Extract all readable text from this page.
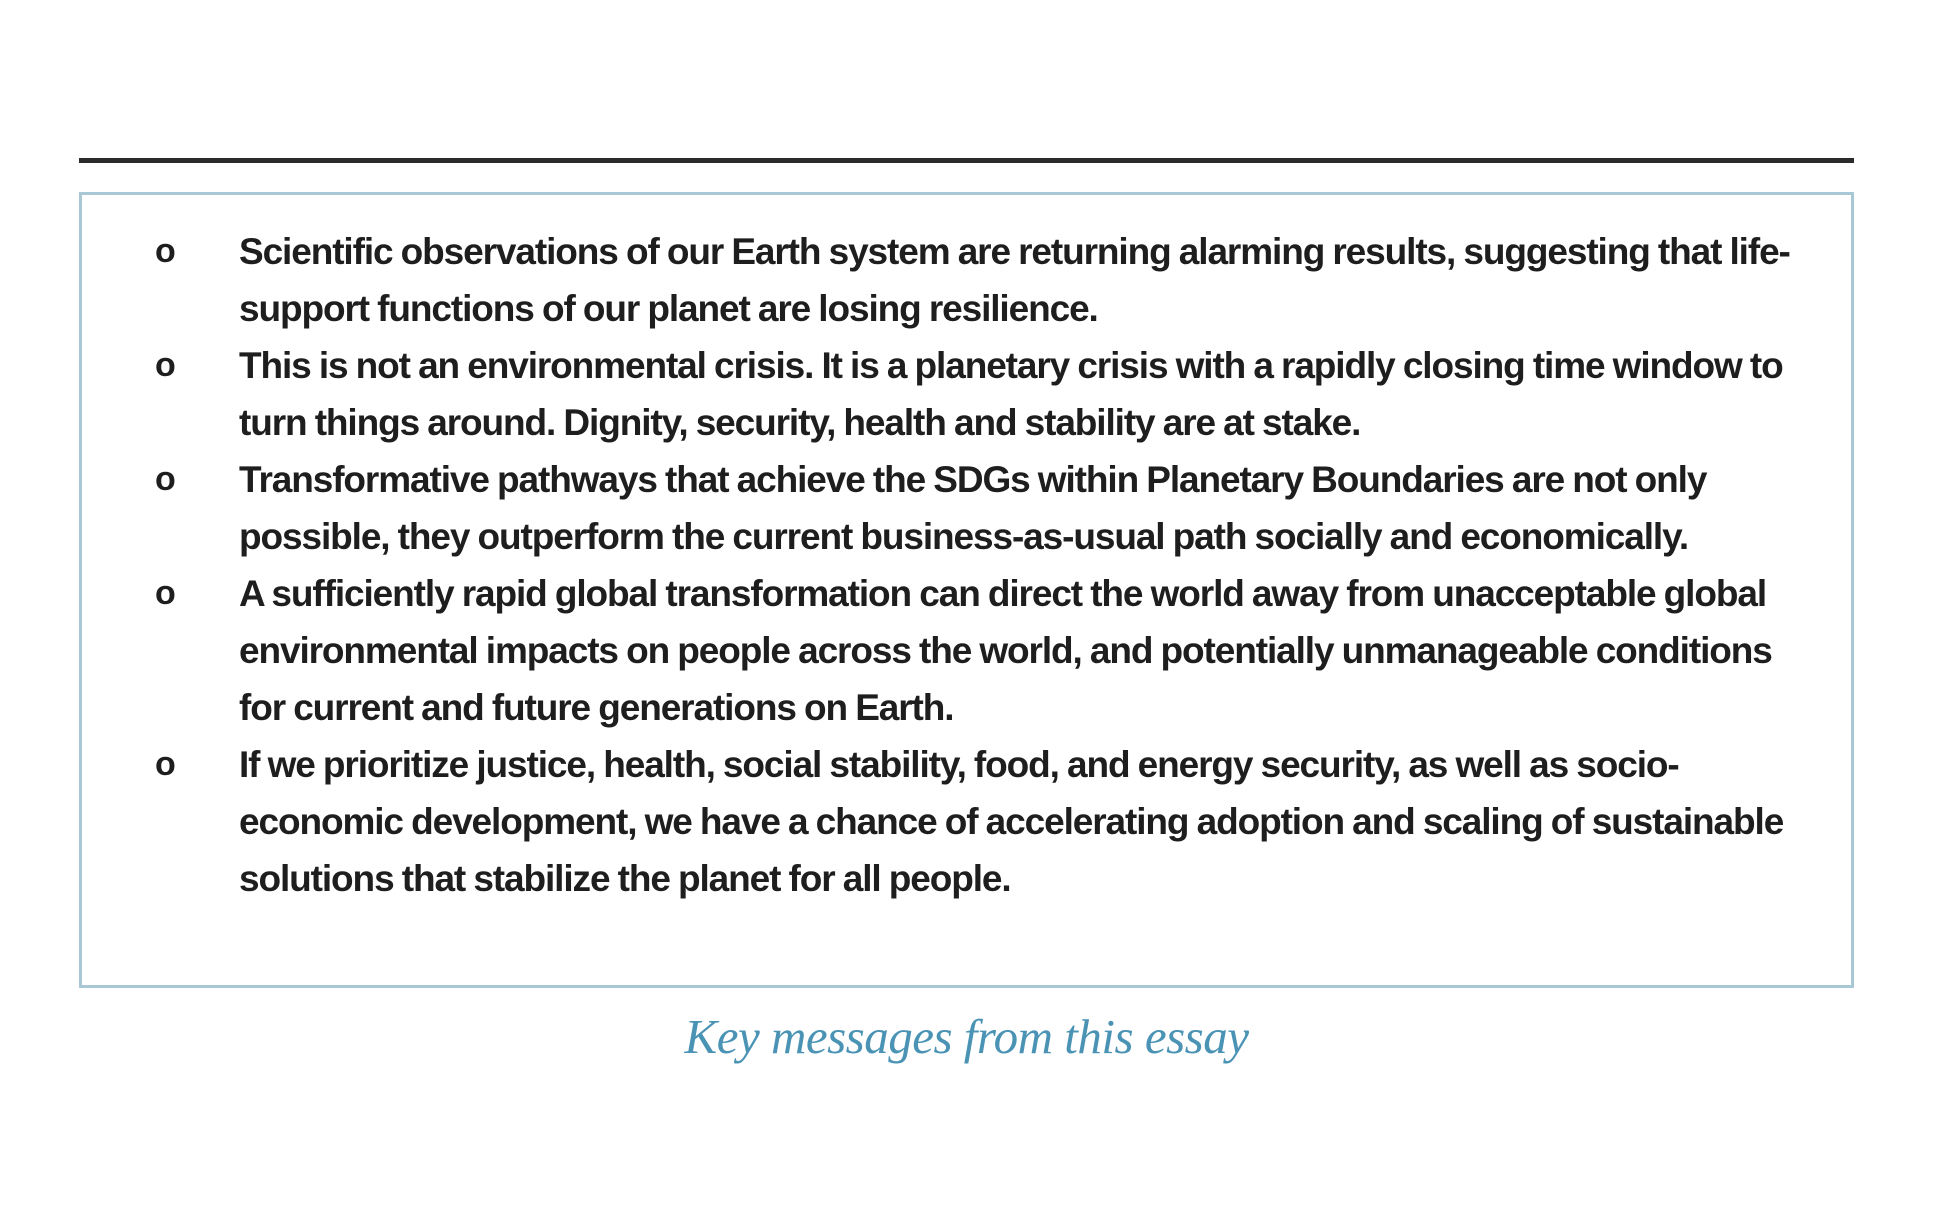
o	Scientific observations of our Earth system are returning alarming results, suggesting that life-support functions of our planet are losing resilience.
o	This is not an environmental crisis. It is a planetary crisis with a rapidly closing time window to turn things around. Dignity, security, health and stability are at stake.
o	Transformative pathways that achieve the SDGs within Planetary Boundaries are not only possible, they outperform the current business-as-usual path socially and economically.
o	A sufficiently rapid global transformation can direct the world away from unacceptable global environmental impacts on people across the world, and potentially unmanageable conditions for current and future generations on Earth.
o	If we prioritize justice, health, social stability, food, and energy security, as well as socio-economic development, we have a chance of accelerating adoption and scaling of sustainable solutions that stabilize the planet for all people.
Key messages from this essay
